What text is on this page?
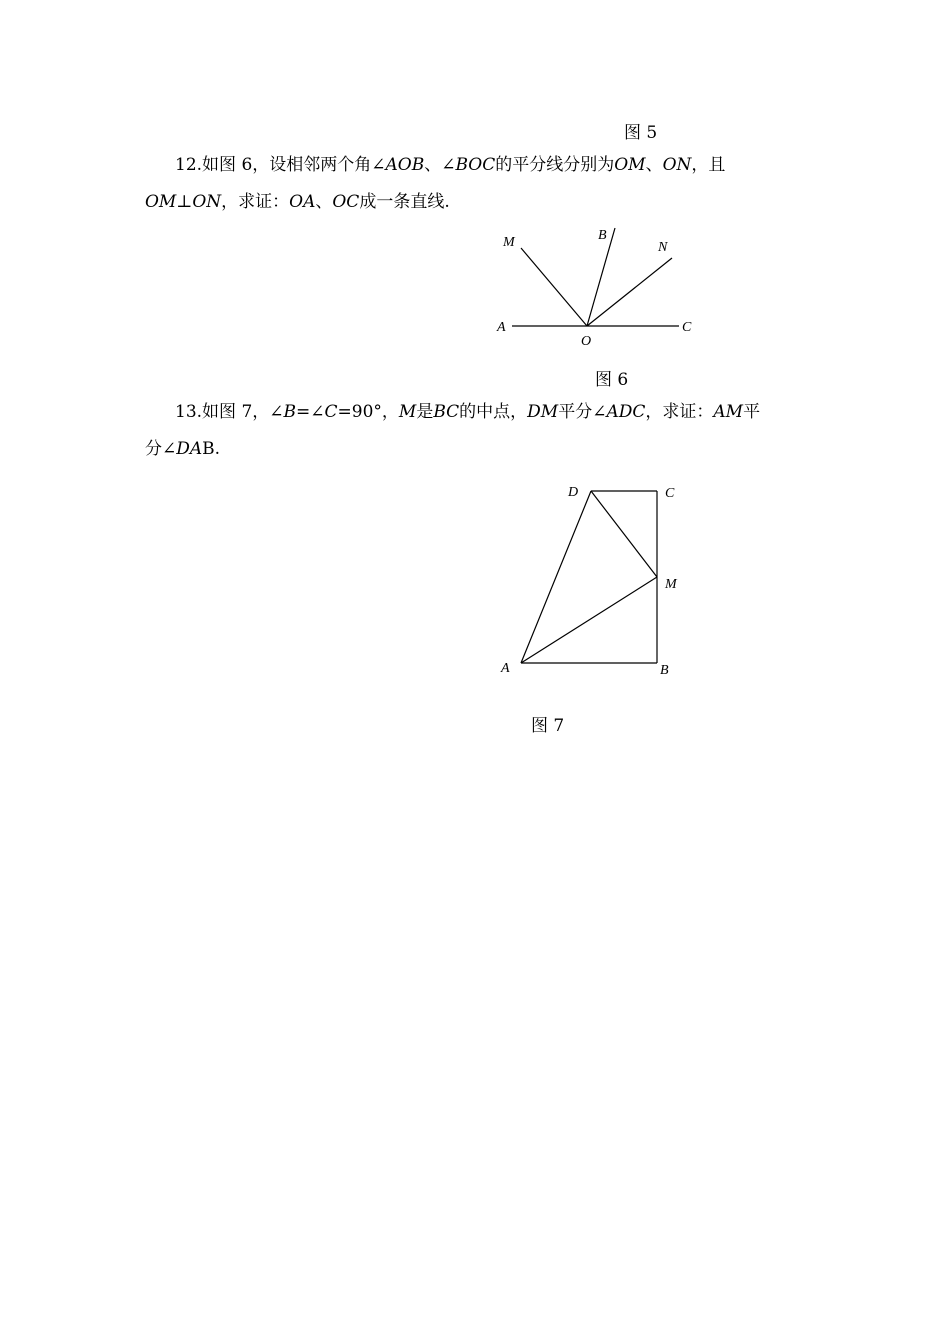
图 5
12.如图 6，设相邻两个角∠AOB、∠BOC的平分线分别为OM、ON，且
OM⊥ON，求证：OA、OC成一条直线.
M	B
N
A
O
C
图 6
13.如图 7，∠B=∠C=90°，M是BC的中点，DM平分∠ADC，求证：AM平
分∠DAB.
D	C
M
A	B
图 7
